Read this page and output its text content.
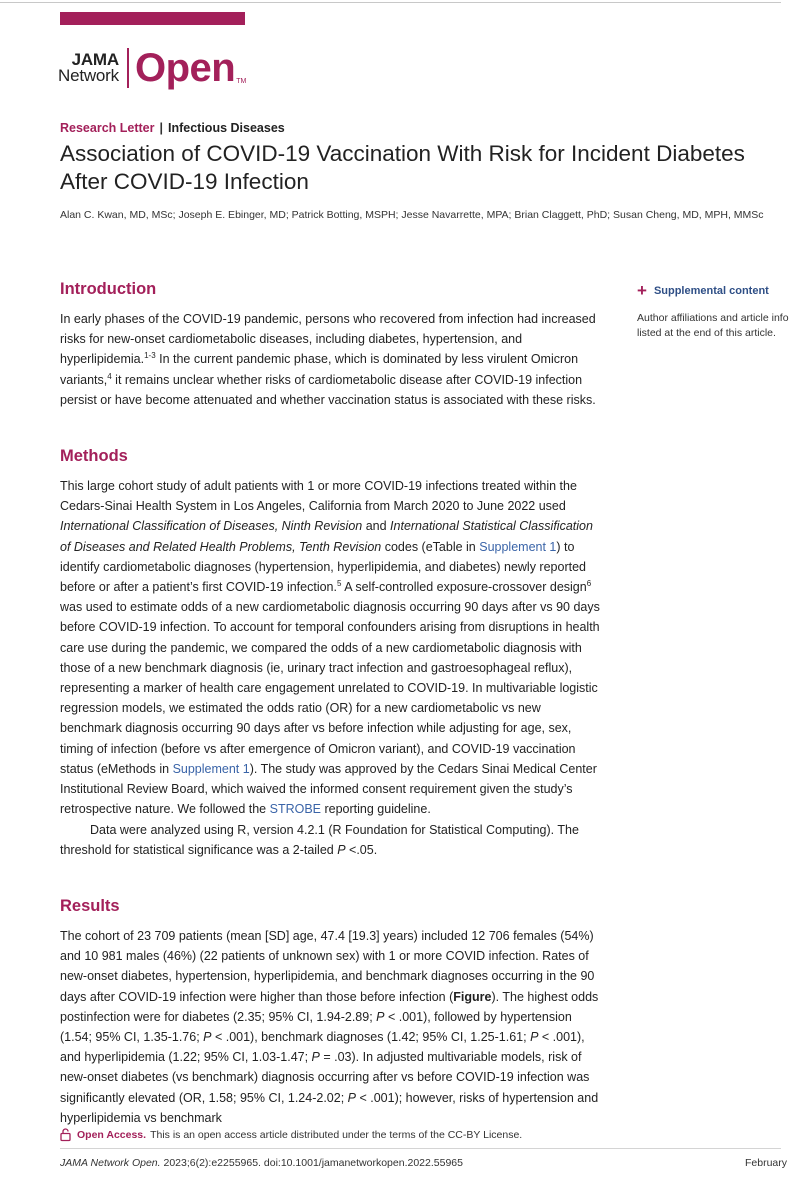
JAMA
Network Open TM
Research Letter | Infectious Diseases
Association of COVID-19 Vaccination With Risk for Incident Diabetes After COVID-19 Infection
Alan C. Kwan, MD, MSc; Joseph E. Ebinger, MD; Patrick Botting, MSPH; Jesse Navarrette, MPA; Brian Claggett, PhD; Susan Cheng, MD, MPH, MMSc
+ Supplemental content
Author affiliations and article info
listed at the end of this article.
Introduction

In early phases of the COVID-19 pandemic, persons who recovered from infection had increased risks for new-onset cardiometabolic diseases, including diabetes, hypertension, and hyperlipidemia.$^{1-3}$ In the current pandemic phase, which is dominated by less virulent Omicron variants,$^4$ it remains unclear whether risks of cardiometabolic disease after COVID-19 infection persist or have become attenuated and whether vaccination status is associated with these risks.

Methods

This large cohort study of adult patients with 1 or more COVID-19 infections treated within the Cedars-Sinai Health System in Los Angeles, California from March 2020 to June 2022 used International Classification of Diseases, Ninth Revision and International Statistical Classification of Diseases and Related Health Problems, Tenth Revision codes (eTable in Supplement 1) to identify cardiometabolic diagnoses (hypertension, hyperlipidemia, and diabetes) newly reported before or after a patient’s first COVID-19 infection.$^5$ A self-controlled exposure-crossover design$^6$ was used to estimate odds of a new cardiometabolic diagnosis occurring 90 days after vs 90 days before COVID-19 infection. To account for temporal confounders arising from disruptions in health care use during the pandemic, we compared the odds of a new cardiometabolic diagnosis with those of a new benchmark diagnosis (ie, urinary tract infection and gastroesophageal reflux), representing a marker of health care engagement unrelated to COVID-19. In multivariable logistic regression models, we estimated the odds ratio (OR) for a new cardiometabolic vs new benchmark diagnosis occurring 90 days after vs before infection while adjusting for age, sex, timing of infection (before vs after emergence of Omicron variant), and COVID-19 vaccination status (eMethods in Supplement 1). The study was approved by the Cedars Sinai Medical Center Institutional Review Board, which waived the informed consent requirement given the study’s retrospective nature. We followed the STROBE reporting guideline.

Data were analyzed using R, version 4.2.1 (R Foundation for Statistical Computing). The threshold for statistical significance was a 2-tailed P <.05.

Results

The cohort of 23 709 patients (mean [SD] age, 47.4 [19.3] years) included 12 706 females (54%) and 10 981 males (46%) (22 patients of unknown sex) with 1 or more COVID infection. Rates of new-onset diabetes, hypertension, hyperlipidemia, and benchmark diagnoses occurring in the 90 days after COVID-19 infection were higher than those before infection (Figure). The highest odds postinfection were for diabetes (2.35; 95% CI, 1.94-2.89; P < .001), followed by hypertension (1.54; 95% CI, 1.35-1.76; P < .001), benchmark diagnoses (1.42; 95% CI, 1.25-1.61; P < .001), and hyperlipidemia (1.22; 95% CI, 1.03-1.47; P = .03). In adjusted multivariable models, risk of new-onset diabetes (vs benchmark) diagnosis occurring after vs before COVID-19 infection was significantly elevated (OR, 1.58; 95% CI, 1.24-2.02; P < .001); however, risks of hypertension and hyperlipidemia vs benchmark

Open Access. This is an open access article distributed under the terms of the CC-BY License.
JAMA Network Open. 2023;6(2):e2255965. doi:10.1001/jamanetworkopen.2022.55965	February
